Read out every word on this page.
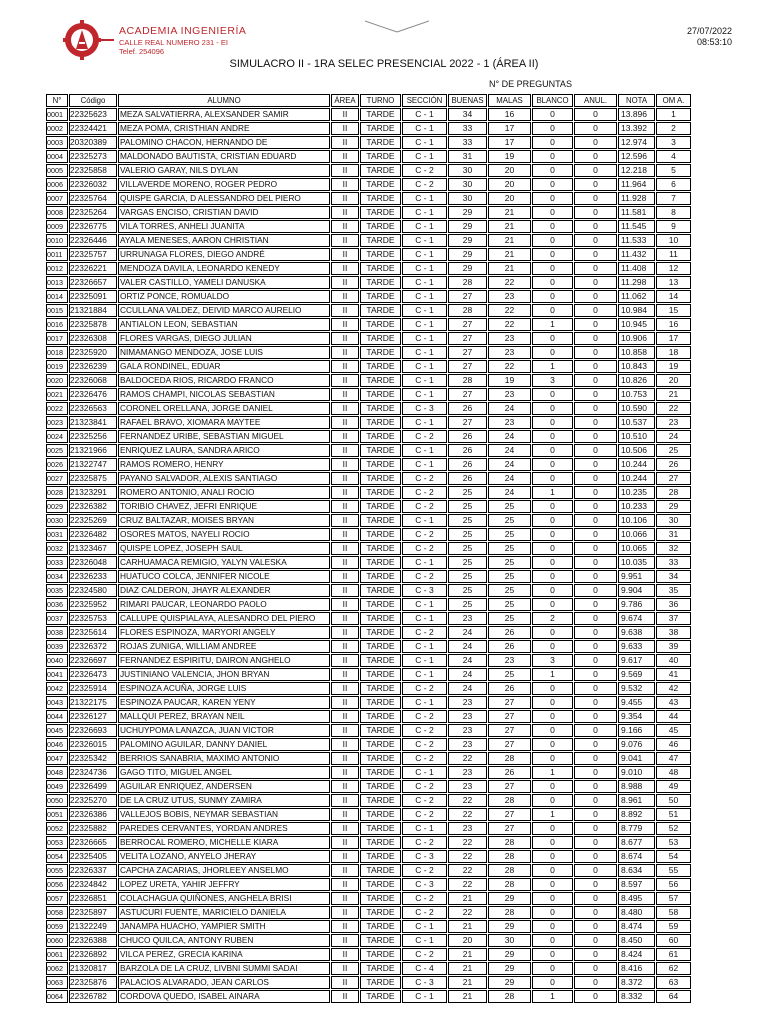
ACADEMIA INGENIERÍA
CALLE REAL NUMERO 231 - EI
Telef. 254096
27/07/2022
08:53:10
SIMULACRO II - 1RA SELEC PRESENCIAL 2022 - 1 (ÁREA II)
N° DE PREGUNTAS
N°	Código	ALUMNO	ÁREA	TURNO	SECCIÓN	BUENAS	MALAS	BLANCO	ANUL.	NOTA	OM A.
0001	22325623	MEZA SALVATIERRA, ALEXSANDER SAMIR	II	TARDE	C - 1	34	16	0	0	13.896	1
0002	22324421	MEZA POMA, CRISTHIAN ANDRE	II	TARDE	C - 1	33	17	0	0	13.392	2
0003	20320389	PALOMINO CHACON, HERNANDO DE	II	TARDE	C - 1	33	17	0	0	12.974	3
0004	22325273	MALDONADO BAUTISTA, CRISTIAN EDUARD	II	TARDE	C - 1	31	19	0	0	12.596	4
0005	22325858	VALERIO GARAY, NILS DYLAN	II	TARDE	C - 2	30	20	0	0	12.218	5
0006	22326032	VILLAVERDE MORENO, ROGER PEDRO	II	TARDE	C - 2	30	20	0	0	11.964	6
0007	22325764	QUISPE GARCIA, D ALESSANDRO DEL PIERO	II	TARDE	C - 1	30	20	0	0	11.928	7
0008	22325264	VARGAS ENCISO, CRISTIAN DAVID	II	TARDE	C - 1	29	21	0	0	11.581	8
0009	22326775	VILA TORRES, ANHELI JUANITA	II	TARDE	C - 1	29	21	0	0	11.545	9
0010	22326446	AYALA MENESES, AARON CHRISTIAN	II	TARDE	C - 1	29	21	0	0	11.533	10
0011	22325757	URRUNAGA FLORES, DIEGO ANDRÉ	II	TARDE	C - 1	29	21	0	0	11.432	11
0012	22326221	MENDOZA DAVILA, LEONARDO KENEDY	II	TARDE	C - 1	29	21	0	0	11.408	12
0013	22326657	VALER CASTILLO, YAMELI DANUSKA	II	TARDE	C - 1	28	22	0	0	11.298	13
0014	22325091	ORTIZ PONCE, ROMUALDO	II	TARDE	C - 1	27	23	0	0	11.062	14
0015	21321884	CCULLANA VALDEZ, DEIVID MARCO AURELIO	II	TARDE	C - 1	28	22	0	0	10.984	15
0016	22325878	ANTIALON LEON, SEBASTIAN	II	TARDE	C - 1	27	22	1	0	10.945	16
0017	22326308	FLORES VARGAS, DIEGO JULIAN	II	TARDE	C - 1	27	23	0	0	10.906	17
0018	22325920	NIMAMANGO MENDOZA, JOSE LUIS	II	TARDE	C - 1	27	23	0	0	10.858	18
0019	22326239	GALA RONDINEL, EDUAR	II	TARDE	C - 1	27	22	1	0	10.843	19
0020	22326068	BALDOCEDA RIOS, RICARDO FRANCO	II	TARDE	C - 1	28	19	3	0	10.826	20
0021	22326476	RAMOS CHAMPI, NICOLAS SEBASTIAN	II	TARDE	C - 1	27	23	0	0	10.753	21
0022	22326563	CORONEL ORELLANA, JORGE DANIEL	II	TARDE	C - 3	26	24	0	0	10.590	22
0023	21323841	RAFAEL BRAVO, XIOMARA MAYTEE	II	TARDE	C - 1	27	23	0	0	10.537	23
0024	22325256	FERNANDEZ URIBE, SEBASTIAN MIGUEL	II	TARDE	C - 2	26	24	0	0	10.510	24
0025	21321966	ENRIQUEZ LAURA, SANDRA ARICO	II	TARDE	C - 1	26	24	0	0	10.506	25
0026	21322747	RAMOS ROMERO, HENRY	II	TARDE	C - 1	26	24	0	0	10.244	26
0027	22325875	PAYANO SALVADOR, ALEXIS SANTIAGO	II	TARDE	C - 2	26	24	0	0	10.244	27
0028	21323291	ROMERO ANTONIO, ANALI ROCIO	II	TARDE	C - 2	25	24	1	0	10.235	28
0029	22326382	TORIBIO CHAVEZ, JEFRI ENRIQUE	II	TARDE	C - 2	25	25	0	0	10.233	29
0030	22325269	CRUZ BALTAZAR, MOISES BRYAN	II	TARDE	C - 1	25	25	0	0	10.106	30
0031	22326482	OSORES MATOS, NAYELI ROCIO	II	TARDE	C - 2	25	25	0	0	10.066	31
0032	21323467	QUISPE LOPEZ, JOSEPH SAUL	II	TARDE	C - 2	25	25	0	0	10.065	32
0033	22326048	CARHUAMACA REMIGIO, YALYN VALESKA	II	TARDE	C - 1	25	25	0	0	10.035	33
0034	22326233	HUATUCO COLCA, JENNIFER NICOLE	II	TARDE	C - 2	25	25	0	0	9.951	34
0035	22324580	DIAZ CALDERON, JHAYR ALEXANDER	II	TARDE	C - 3	25	25	0	0	9.904	35
0036	22325952	RIMARI PAUCAR, LEONARDO PAOLO	II	TARDE	C - 1	25	25	0	0	9.786	36
0037	22325753	CALLUPE QUISPIALAYA, ALESANDRO DEL PIERO	II	TARDE	C - 1	23	25	2	0	9.674	37
0038	22325614	FLORES ESPINOZA, MARYORI ANGELY	II	TARDE	C - 2	24	26	0	0	9.638	38
0039	22326372	ROJAS ZUNIGA, WILLIAM ANDREE	II	TARDE	C - 1	24	26	0	0	9.633	39
0040	22326697	FERNANDEZ ESPIRITU, DAIRON ANGHELO	II	TARDE	C - 1	24	23	3	0	9.617	40
0041	22326473	JUSTINIANO VALENCIA, JHON BRYAN	II	TARDE	C - 1	24	25	1	0	9.569	41
0042	22325914	ESPINOZA ACUÑA, JORGE LUIS	II	TARDE	C - 2	24	26	0	0	9.532	42
0043	21322175	ESPINOZA PAUCAR, KAREN YENY	II	TARDE	C - 1	23	27	0	0	9.455	43
0044	22326127	MALLQUI PEREZ, BRAYAN NEIL	II	TARDE	C - 2	23	27	0	0	9.354	44
0045	22326693	UCHUYPOMA LANAZCA, JUAN VICTOR	II	TARDE	C - 2	23	27	0	0	9.166	45
0046	22326015	PALOMINO AGUILAR, DANNY DANIEL	II	TARDE	C - 2	23	27	0	0	9.076	46
0047	22325342	BERRIOS SANABRIA, MAXIMO ANTONIO	II	TARDE	C - 2	22	28	0	0	9.041	47
0048	22324736	GAGO TITO, MIGUEL ANGEL	II	TARDE	C - 1	23	26	1	0	9.010	48
0049	22326499	AGUILAR ENRIQUEZ, ANDERSEN	II	TARDE	C - 2	23	27	0	0	8.988	49
0050	22325270	DE LA CRUZ UTUS, SUNMY ZAMIRA	II	TARDE	C - 2	22	28	0	0	8.961	50
0051	22326386	VALLEJOS BOBIS, NEYMAR SEBASTIAN	II	TARDE	C - 2	22	27	1	0	8.892	51
0052	22325882	PAREDES CERVANTES, YORDAN ANDRES	II	TARDE	C - 1	23	27	0	0	8.779	52
0053	22326665	BERROCAL ROMERO, MICHELLE KIARA	II	TARDE	C - 2	22	28	0	0	8.677	53
0054	22325405	VELITA LOZANO, ANYELO JHERAY	II	TARDE	C - 3	22	28	0	0	8.674	54
0055	22326337	CAPCHA ZACARIAS, JHORLEEY ANSELMO	II	TARDE	C - 2	22	28	0	0	8.634	55
0056	22324842	LOPEZ URETA, YAHIR JEFFRY	II	TARDE	C - 3	22	28	0	0	8.597	56
0057	22326851	COLACHAGUA QUIÑONES, ANGHELA BRISI	II	TARDE	C - 2	21	29	0	0	8.495	57
0058	22325897	ASTUCURI FUENTE, MARICIELO DANIELA	II	TARDE	C - 2	22	28	0	0	8.480	58
0059	21322249	JANAMPA HUACHO, YAMPIER SMITH	II	TARDE	C - 1	21	29	0	0	8.474	59
0060	22326388	CHUCO QUILCA, ANTONY RUBEN	II	TARDE	C - 1	20	30	0	0	8.450	60
0061	22326892	VILCA PEREZ, GRECIA KARINA	II	TARDE	C - 2	21	29	0	0	8.424	61
0062	21320817	BARZOLA DE LA CRUZ, LIVBNI SUMMI SADAI	II	TARDE	C - 4	21	29	0	0	8.416	62
0063	22325876	PALACIOS ALVARADO, JEAN CARLOS	II	TARDE	C - 3	21	29	0	0	8.372	63
0064	22326782	CORDOVA QUEDO, ISABEL AINARA	II	TARDE	C - 1	21	28	1	0	8.332	64
